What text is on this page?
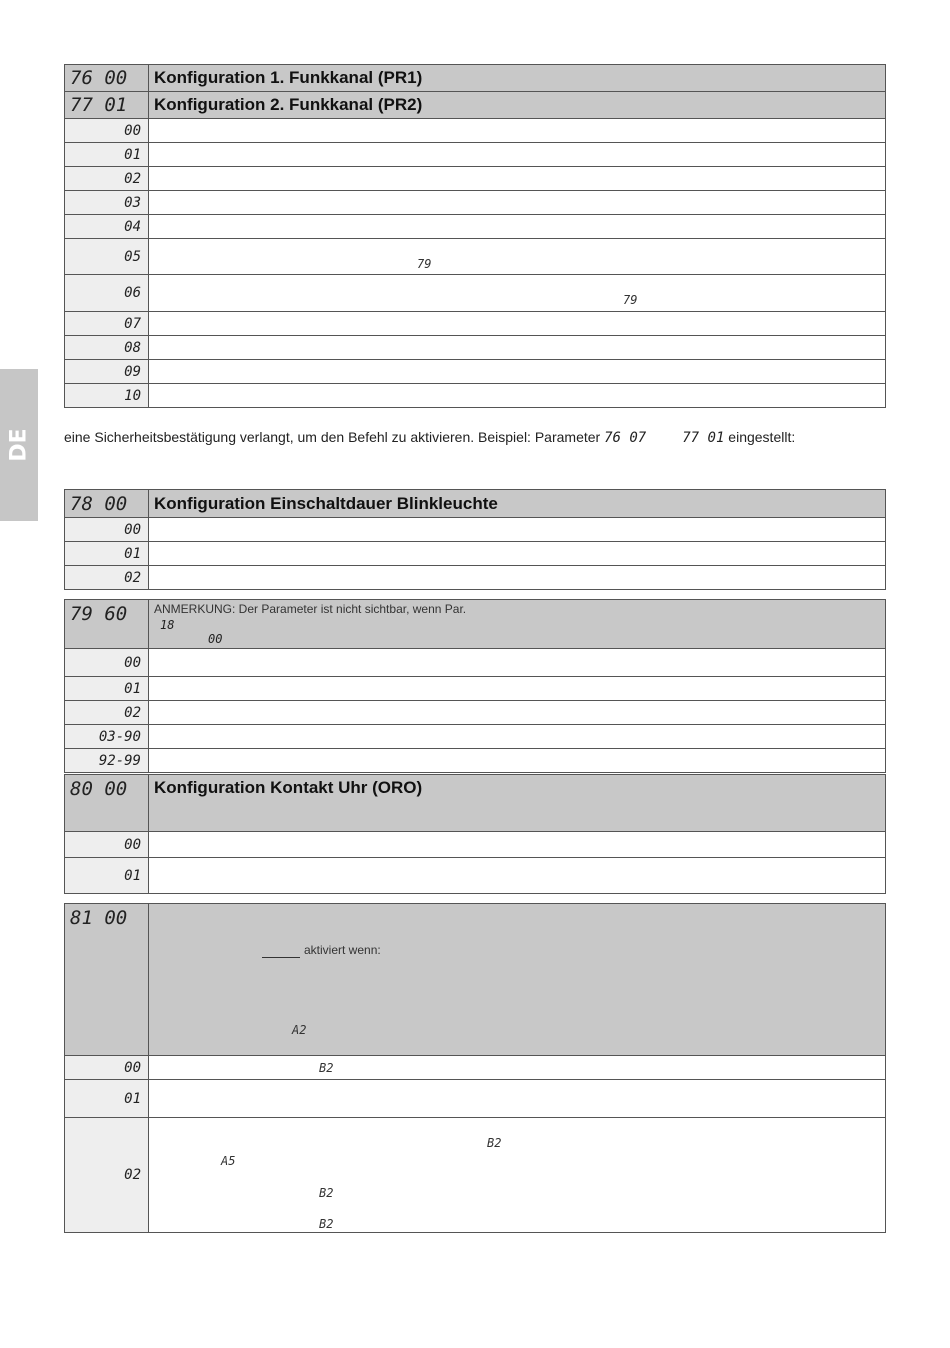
DE
76 00	Konfiguration 1. Funkkanal (PR1)

77 01	Konfiguration 2. Funkkanal (PR2)

00	

01	

02	

03	

04	

05	79

06	79

07	

08	

09	

10	

eine Sicherheitsbestätigung verlangt, um den Befehl zu aktivieren. Beispiel: Parameter 76 07	77 01 eingestellt:
78 00	Konfiguration Einschaltdauer Blinkleuchte

00	

01	

02	

79 60	ANMERKUNG: Der Parameter ist nicht sichtbar, wenn Par.
18
00

00	

01	

02	

03-90	

92-99	

80 00	Konfiguration Kontakt Uhr (ORO)

00	

01	

81 00	aktiviert wenn:
A2

00	B2

01	

02	B2
A5
B2
B2
